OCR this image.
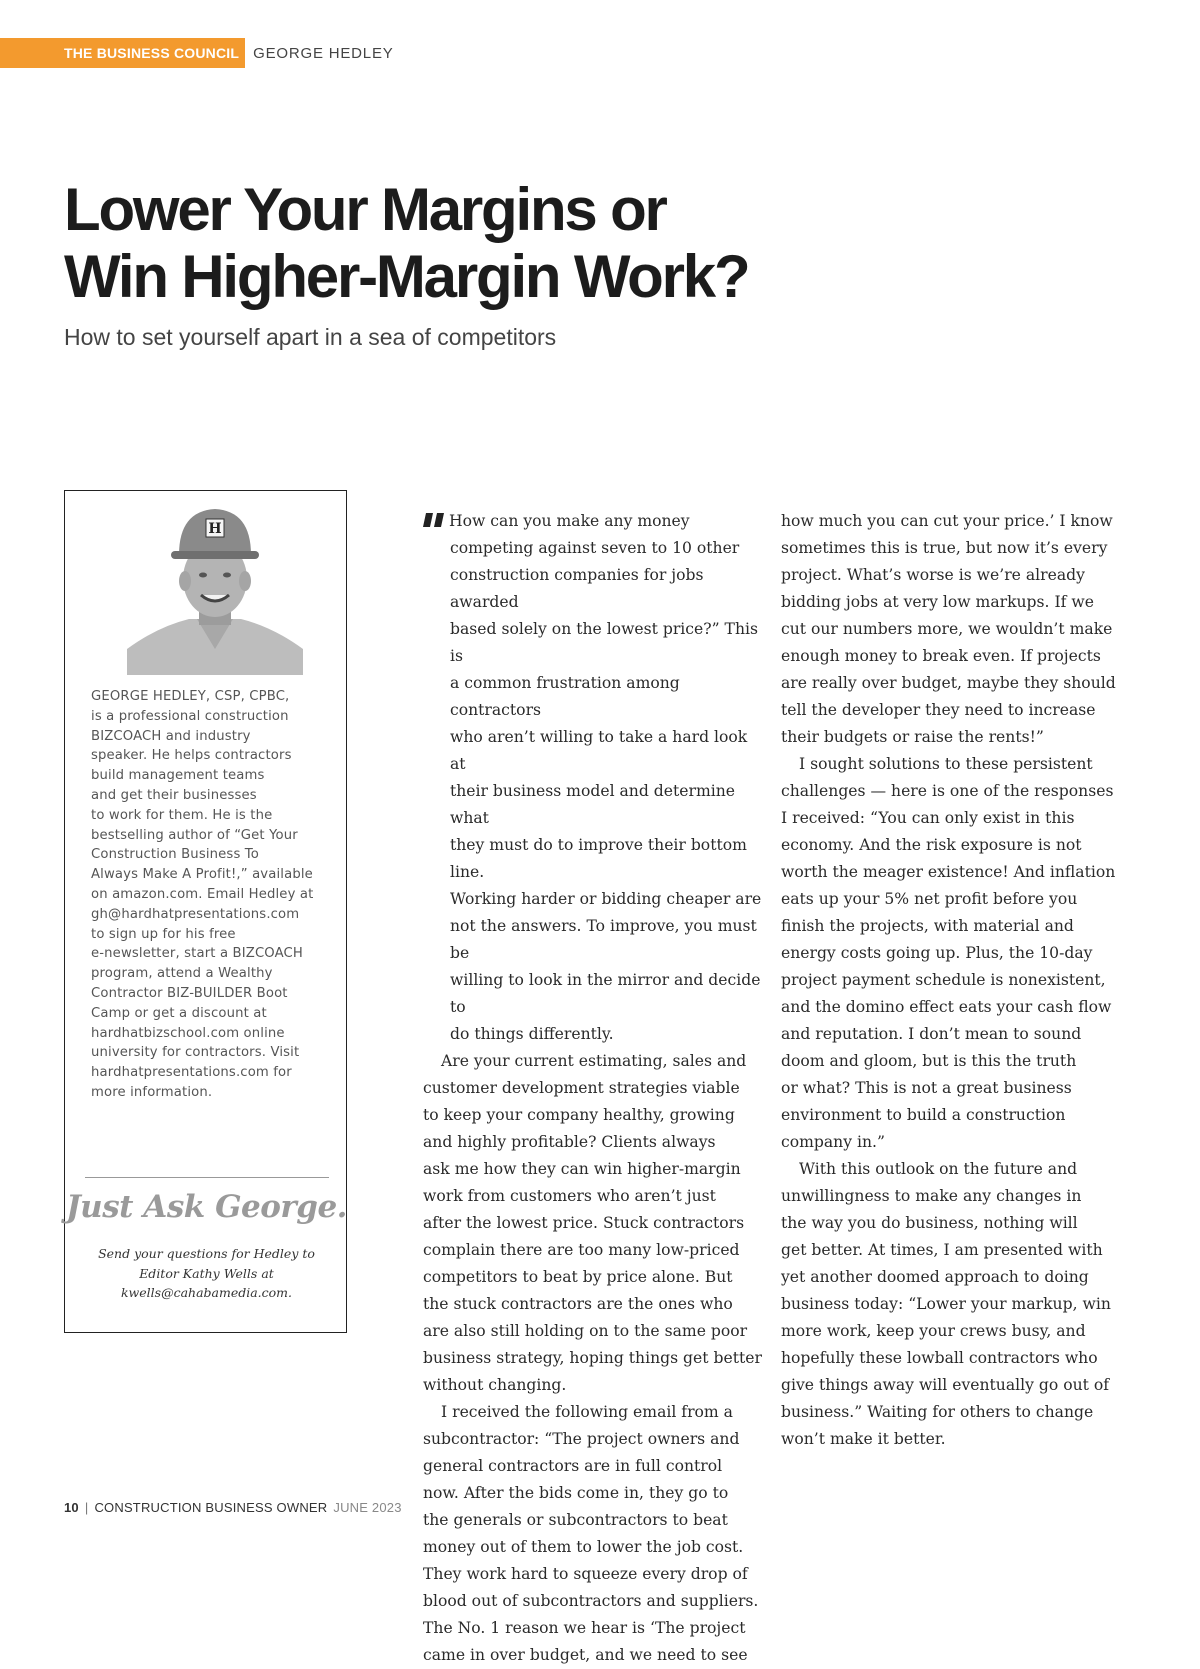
THE BUSINESS COUNCIL GEORGE HEDLEY
Lower Your Margins or
Win Higher-Margin Work?
How to set yourself apart in a sea of competitors
H

GEORGE HEDLEY, CSP, CPBC,
is a professional construction
BIZCOACH and industry
speaker. He helps contractors
build management teams
and get their businesses
to work for them. He is the
bestselling author of “Get Your
Construction Business To
Always Make A Profit!,” available
on amazon.com. Email Hedley at
gh@hardhatpresentations.com
to sign up for his free
e-newsletter, start a BIZCOACH
program, attend a Wealthy
Contractor BIZ-BUILDER Boot
Camp or get a discount at
hardhatbizschool.com online
university for contractors. Visit
hardhatpresentations.com for
more information.

Just Ask George.

Send your questions for Hedley to
Editor Kathy Wells at
kwells@cahabamedia.com.

How can you make any money
competing against seven to 10 other
construction companies for jobs awarded
based solely on the lowest price?” This is
a common frustration among contractors
who aren’t willing to take a hard look at
their business model and determine what
they must do to improve their bottom line.
Working harder or bidding cheaper are
not the answers. To improve, you must be
willing to look in the mirror and decide to
do things differently.

Are your current estimating, sales and
customer development strategies viable
to keep your company healthy, growing
and highly profitable? Clients always
ask me how they can win higher-margin
work from customers who aren’t just
after the lowest price. Stuck contractors
complain there are too many low-priced
competitors to beat by price alone. But
the stuck contractors are the ones who
are also still holding on to the same poor
business strategy, hoping things get better
without changing.

I received the following email from a
subcontractor: “The project owners and
general contractors are in full control
now. After the bids come in, they go to
the generals or subcontractors to beat
money out of them to lower the job cost.
They work hard to squeeze every drop of
blood out of subcontractors and suppliers.
The No. 1 reason we hear is ‘The project
came in over budget, and we need to see

how much you can cut your price.’ I know
sometimes this is true, but now it’s every
project. What’s worse is we’re already
bidding jobs at very low markups. If we
cut our numbers more, we wouldn’t make
enough money to break even. If projects
are really over budget, maybe they should
tell the developer they need to increase
their budgets or raise the rents!”

I sought solutions to these persistent
challenges — here is one of the responses
I received: “You can only exist in this
economy. And the risk exposure is not
worth the meager existence! And inflation
eats up your 5% net profit before you
finish the projects, with material and
energy costs going up. Plus, the 10-day
project payment schedule is nonexistent,
and the domino effect eats your cash flow
and reputation. I don’t mean to sound
doom and gloom, but is this the truth
or what? This is not a great business
environment to build a construction
company in.”

With this outlook on the future and
unwillingness to make any changes in
the way you do business, nothing will
get better. At times, I am presented with
yet another doomed approach to doing
business today: “Lower your markup, win
more work, keep your crews busy, and
hopefully these lowball contractors who
give things away will eventually go out of
business.” Waiting for others to change
won’t make it better.

10 | CONSTRUCTION BUSINESS OWNER JUNE 2023
